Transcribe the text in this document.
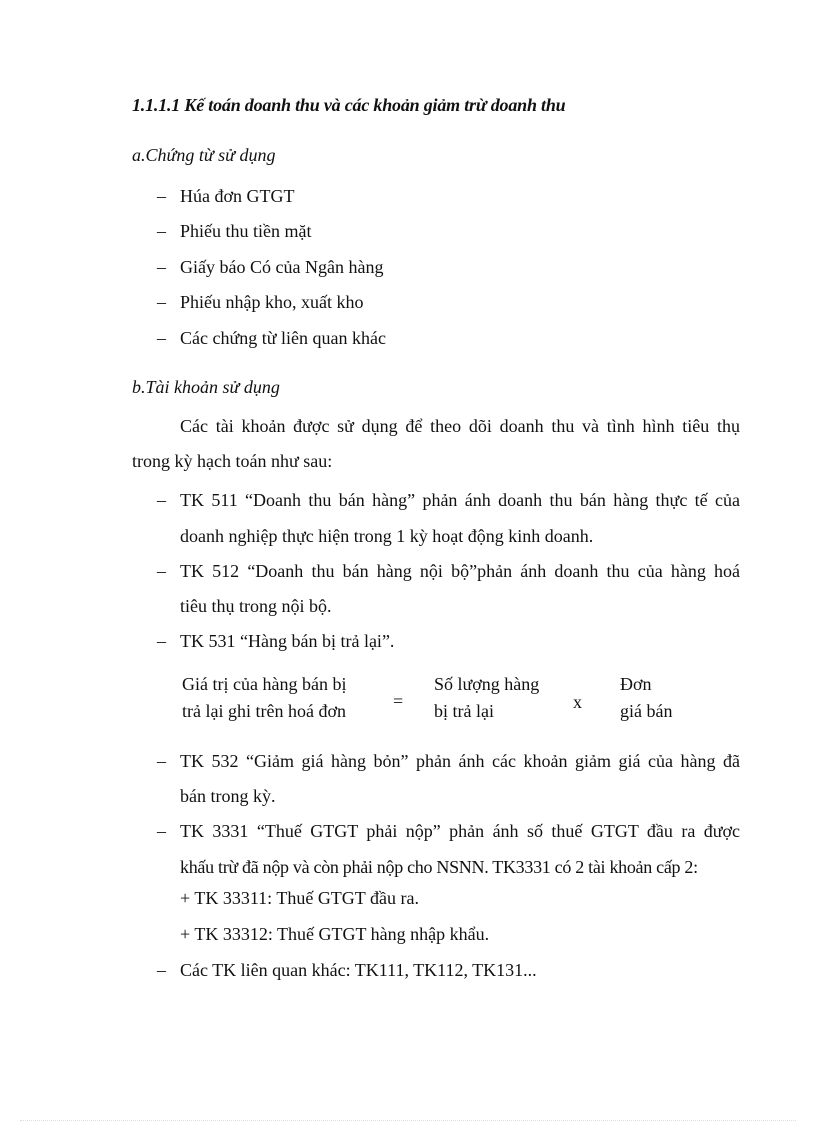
1.1.1.1 Kế toán doanh thu và các khoản giảm trừ doanh thu
a.Chứng từ sử dụng
– Húa đơn GTGT
– Phiếu thu tiền mặt
– Giấy báo Có của Ngân hàng
– Phiếu nhập kho, xuất kho
– Các chứng từ liên quan khác
b.Tài khoản sử dụng
Các tài khoản được sử dụng để theo dõi doanh thu và tình hình tiêu thụ
trong kỳ hạch toán như sau:
– TK 511 “Doanh thu bán hàng” phản ánh doanh thu bán hàng thực tế của
doanh nghiệp thực hiện trong 1 kỳ hoạt động kinh doanh.
– TK 512 “Doanh thu bán hàng nội bộ”phản ánh doanh thu của hàng hoá
tiêu thụ trong nội bộ.
– TK 531 “Hàng bán bị trả lại”.
Giá trị của hàng bán bị
trả lại ghi trên hoá đơn	=
Số lượng hàng
bị trả lại	x
Đơn
giá bán
– TK 532 “Giảm giá hàng bỏn” phản ánh các khoản giảm giá của hàng đã
bán trong kỳ.
– TK 3331 “Thuế GTGT phải nộp” phản ánh số thuế GTGT đầu ra được
khấu trừ đã nộp và còn phải nộp cho NSNN. TK3331 có 2 tài khoản cấp 2:
+ TK 33311: Thuế GTGT đầu ra.
+ TK 33312: Thuế GTGT hàng nhập khẩu.
– Các TK liên quan khác: TK111, TK112, TK131...
